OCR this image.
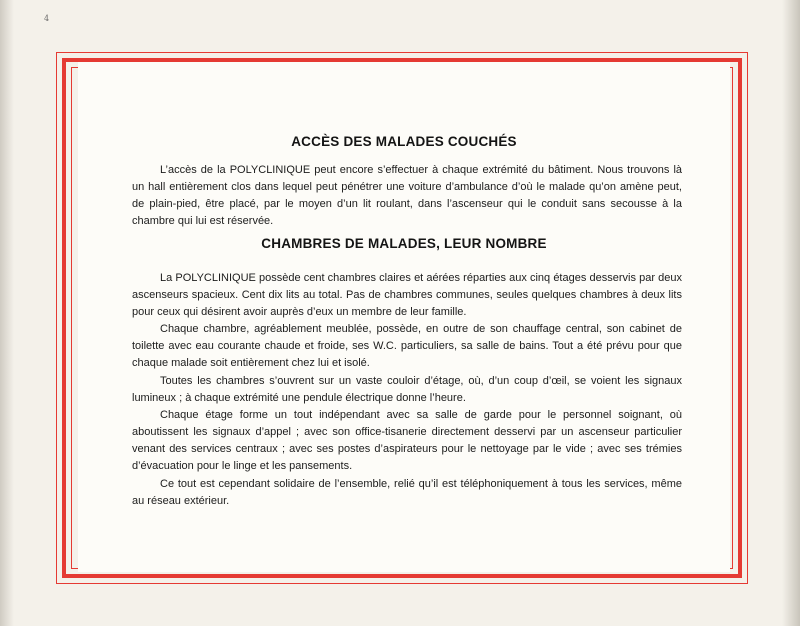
4
ACCÈS DES MALADES COUCHÉS

L’accès de la POLYCLINIQUE peut encore s’effectuer à chaque extrémité du bâtiment. Nous trouvons là un hall entièrement clos dans lequel peut pénétrer une voiture d’ambulance d’où le malade qu’on amène peut, de plain-pied, être placé, par le moyen d’un lit roulant, dans l’ascenseur qui le conduit sans secousse à la chambre qui lui est réservée.

CHAMBRES DE MALADES, LEUR NOMBRE

La POLYCLINIQUE possède cent chambres claires et aérées réparties aux cinq étages desservis par deux ascenseurs spacieux. Cent dix lits au total. Pas de chambres communes, seules quelques chambres à deux lits pour ceux qui désirent avoir auprès d’eux un membre de leur famille.

Chaque chambre, agréablement meublée, possède, en outre de son chauffage central, son cabinet de toilette avec eau courante chaude et froide, ses W.C. particuliers, sa salle de bains. Tout a été prévu pour que chaque malade soit entièrement chez lui et isolé.

Toutes les chambres s’ouvrent sur un vaste couloir d’étage, où, d’un coup d’œil, se voient les signaux lumineux ; à chaque extrémité une pendule électrique donne l’heure.

Chaque étage forme un tout indépendant avec sa salle de garde pour le personnel soignant, où aboutissent les signaux d’appel ; avec son office-tisanerie directement desservi par un ascenseur particulier venant des services centraux ; avec ses postes d’aspirateurs pour le nettoyage par le vide ; avec ses trémies d’évacuation pour le linge et les pansements.

Ce tout est cependant solidaire de l’ensemble, relié qu’il est téléphoniquement à tous les services, même au réseau extérieur.
